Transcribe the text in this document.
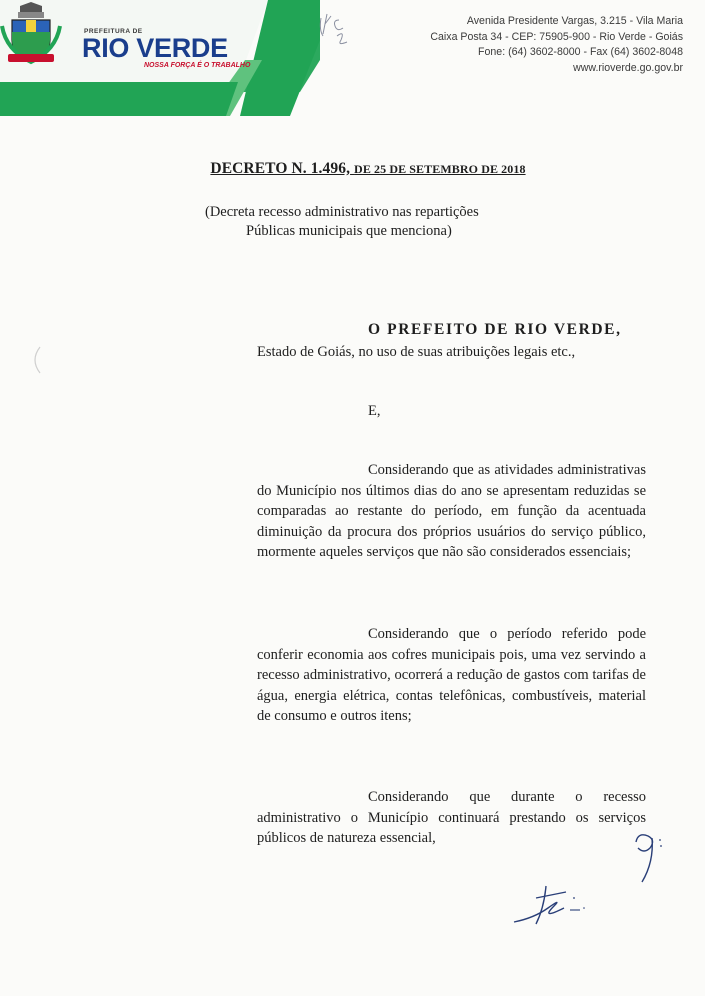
PREFEITURA DE
RIO VERDE
NOSSA FORÇA É O TRABALHO
Avenida Presidente Vargas, 3.215 - Vila Maria
Caixa Posta 34 - CEP: 75905-900 - Rio Verde - Goiás
Fone: (64) 3602-8000 - Fax (64) 3602-8048
www.rioverde.go.gov.br
DECRETO N. 1.496, DE 25 DE SETEMBRO DE 2018
(Decreta recesso administrativo nas repartições
Públicas municipais que menciona)
O PREFEITO DE RIO VERDE,
Estado de Goiás, no uso de suas atribuições legais etc.,
E,

Considerando que as atividades administrativas do Município nos últimos dias do ano se apresentam reduzidas se comparadas ao restante do período, em função da acentuada diminuição da procura dos próprios usuários do serviço público, mormente aqueles serviços que não são considerados essenciais;

Considerando que o período referido pode conferir economia aos cofres municipais pois, uma vez servindo a recesso administrativo, ocorrerá a redução de gastos com tarifas de água, energia elétrica, contas telefônicas, combustíveis, material de consumo e outros itens;

Considerando que durante o recesso administrativo o Município continuará prestando os serviços públicos de natureza essencial,
